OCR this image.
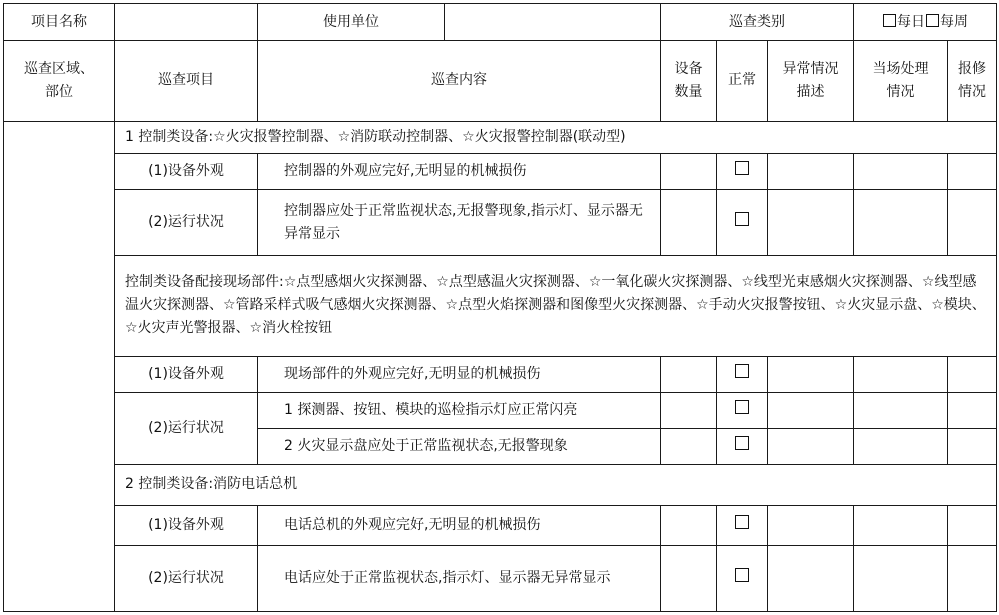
项目名称		使用单位		巡查类别			每日 每周	
巡查区域、部位	巡查项目	巡查内容		设备数量	正常	异常情况描述	当场处理情况	报修情况
	1 控制类设备:☆火灾报警控制器、☆消防联动控制器、☆火灾报警控制器(联动型)							
	(1)设备外观	控制器的外观应完好,无明显的机械损伤						
	(2)运行状况	控制器应处于正常监视状态,无报警现象,指示灯、显示器无异常显示						
	控制类设备配接现场部件:☆点型感烟火灾探测器、☆点型感温火灾探测器、☆一氧化碳火灾探测器、☆线型光束感烟火灾探测器、☆线型感温火灾探测器、☆管路采样式吸气感烟火灾探测器、☆点型火焰探测器和图像型火灾探测器、☆手动火灾报警按钮、☆火灾显示盘、☆模块、☆火灾声光警报器、☆消火栓按钮							
	(1)设备外观	现场部件的外观应完好,无明显的机械损伤						
	(2)运行状况	1 探测器、按钮、模块的巡检指示灯应正常闪亮						
		2 火灾显示盘应处于正常监视状态,无报警现象						
	2 控制类设备:消防电话总机							
	(1)设备外观	电话总机的外观应完好,无明显的机械损伤						
	(2)运行状况	电话应处于正常监视状态,指示灯、显示器无异常显示						
